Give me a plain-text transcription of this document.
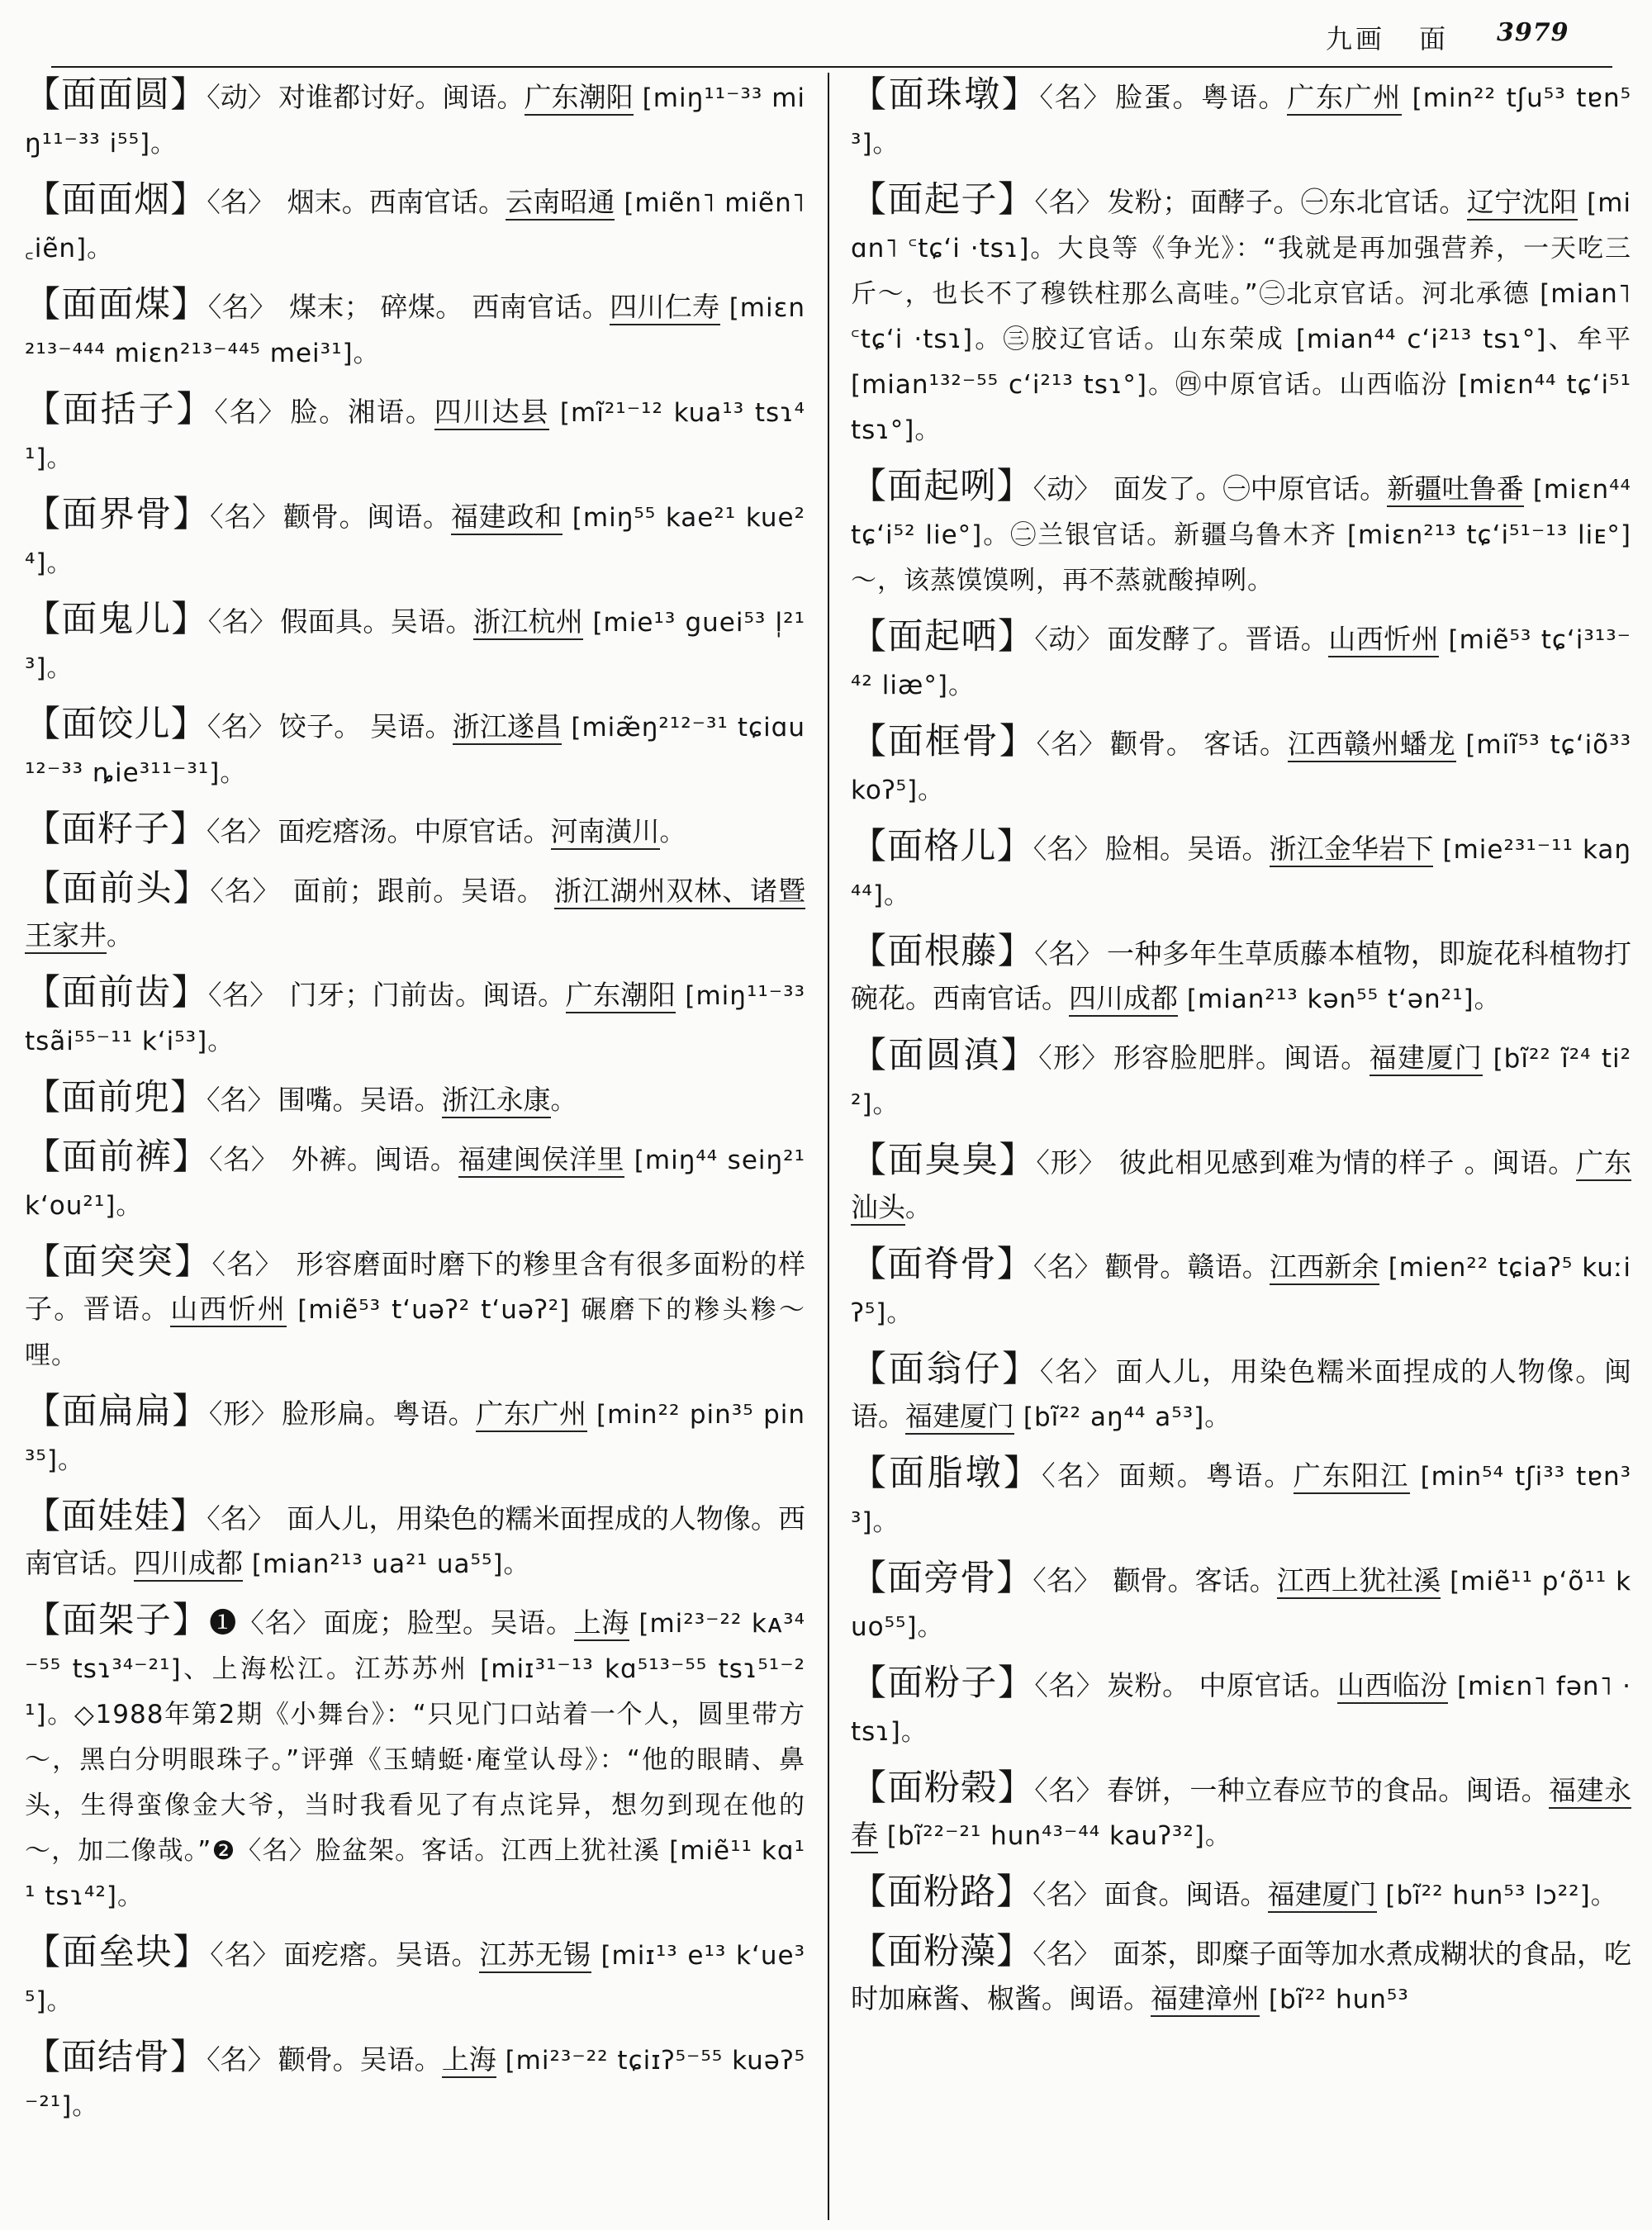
九画 面 3979

【面面圆】〈动〉 对谁都讨好。闽语。广东潮阳 [miŋ¹¹⁻³³ miŋ¹¹⁻³³ i⁵⁵]。

【面面烟】〈名〉 烟末。西南官话。云南昭通 [miẽn˥ miẽn˥ ꜀iẽn]。

【面面煤】〈名〉 煤末； 碎煤。 西南官话。四川仁寿 [miɛn²¹³⁻⁴⁴⁴ miɛn²¹³⁻⁴⁴⁵ mei³¹]。

【面括子】〈名〉 脸。湘语。四川达县 [mĩ²¹⁻¹² kua¹³ tsɿ⁴¹]。

【面界骨】〈名〉 颧骨。闽语。福建政和 [miŋ⁵⁵ kae²¹ kue²⁴]。

【面鬼儿】〈名〉 假面具。吴语。浙江杭州 [mie¹³ guei⁵³ l̩²¹³]。

【面饺儿】〈名〉 饺子。 吴语。浙江遂昌 [miæ̃ŋ²¹²⁻³¹ tɕiɑu¹²⁻³³ ȵie³¹¹⁻³¹]。

【面籽子】〈名〉 面疙瘩汤。中原官话。河南潢川。

【面前头】〈名〉 面前；跟前。吴语。 浙江湖州双林、诸暨王家井。

【面前齿】〈名〉 门牙；门前齿。闽语。广东潮阳 [miŋ¹¹⁻³³ tsãi⁵⁵⁻¹¹ k‘i⁵³]。

【面前兜】〈名〉 围嘴。吴语。浙江永康。

【面前裤】〈名〉 外裤。闽语。福建闽侯洋里 [miŋ⁴⁴ seiŋ²¹ k‘ou²¹]。

【面突突】〈名〉 形容磨面时磨下的糁里含有很多面粉的样子。晋语。山西忻州 [miẽ⁵³ t‘uəʔ² t‘uəʔ²] 碾磨下的糁头糁～哩。

【面扁扁】〈形〉 脸形扁。粤语。广东广州 [min²² pin³⁵ pin³⁵]。

【面娃娃】〈名〉 面人儿，用染色的糯米面捏成的人物像。西南官话。四川成都 [mian²¹³ ua²¹ ua⁵⁵]。

【面架子】❶〈名〉 面庞；脸型。吴语。上海 [mi²³⁻²² kᴀ³⁴⁻⁵⁵ tsɿ³⁴⁻²¹]、上海松江。江苏苏州 [miɪ³¹⁻¹³ kɑ⁵¹³⁻⁵⁵ tsɿ⁵¹⁻²¹]。◇1988年第2期《小舞台》：“只见门口站着一个人，圆里带方～，黑白分明眼珠子。”评弹《玉蜻蜓·庵堂认母》：“他的眼睛、鼻头，生得蛮像金大爷，当时我看见了有点诧异，想勿到现在他的～，加二像哉。”❷〈名〉脸盆架。客话。江西上犹社溪 [miẽ¹¹ kɑ¹¹ tsɿ⁴²]。

【面垒块】〈名〉 面疙瘩。吴语。江苏无锡 [miɪ¹³ e¹³ k‘ue³⁵]。

【面结骨】〈名〉 颧骨。吴语。上海 [mi²³⁻²² tɕiɪʔ⁵⁻⁵⁵ kuəʔ⁵⁻²¹]。

【面珠墩】〈名〉 脸蛋。粤语。广东广州 [min²² tʃu⁵³ tɐn⁵³]。

【面起子】〈名〉 发粉；面酵子。㊀东北官话。辽宁沈阳 [miɑn˥ ꜂tɕ‘i ·tsɿ]。大良等《争光》：“我就是再加强营养，一天吃三斤～，也长不了穆铁柱那么高哇。”㊁北京官话。河北承德 [mian˥ ꜂tɕ‘i ·tsɿ]。㊂胶辽官话。山东荣成 [mian⁴⁴ c‘i²¹³ tsɿ°]、牟平 [mian¹³²⁻⁵⁵ c‘i²¹³ tsɿ°]。㊃中原官话。山西临汾 [miɛn⁴⁴ tɕ‘i⁵¹ tsɿ°]。

【面起咧】〈动〉 面发了。㊀中原官话。新疆吐鲁番 [miɛn⁴⁴ tɕ‘i⁵² lie°]。㊁兰银官话。新疆乌鲁木齐 [miɛn²¹³ tɕ‘i⁵¹⁻¹³ liᴇ°]～，该蒸馍馍咧，再不蒸就酸掉咧。

【面起哂】〈动〉 面发酵了。晋语。山西忻州 [miẽ⁵³ tɕ‘i³¹³⁻⁴² liæ°]。

【面框骨】〈名〉 颧骨。 客话。江西赣州蟠龙 [miĩ⁵³ tɕ‘iõ³³ koʔ⁵]。

【面格儿】〈名〉 脸相。吴语。浙江金华岩下 [mie²³¹⁻¹¹ kaŋ⁴⁴]。

【面根藤】〈名〉 一种多年生草质藤本植物，即旋花科植物打碗花。西南官话。四川成都 [mian²¹³ kən⁵⁵ t‘ən²¹]。

【面圆滇】〈形〉 形容脸肥胖。闽语。福建厦门 [bĩ²² ĩ²⁴ ti²²]。

【面臭臭】〈形〉 彼此相见感到难为情的样子 。闽语。广东汕头。

【面脊骨】〈名〉 颧骨。赣语。江西新余 [mien²² tɕiaʔ⁵ kuːiʔ⁵]。

【面翁仔】〈名〉 面人儿，用染色糯米面捏成的人物像。闽语。福建厦门 [bĩ²² aŋ⁴⁴ a⁵³]。

【面脂墩】〈名〉 面颊。粤语。广东阳江 [min⁵⁴ tʃi³³ tɐn³³]。

【面旁骨】〈名〉 颧骨。客话。江西上犹社溪 [miẽ¹¹ p‘õ¹¹ kuo⁵⁵]。

【面粉子】〈名〉 炭粉。 中原官话。山西临汾 [miɛn˥ fən˥ ·tsɿ]。

【面粉榖】〈名〉 春饼，一种立春应节的食品。闽语。福建永春 [bĩ²²⁻²¹ hun⁴³⁻⁴⁴ kauʔ³²]。

【面粉路】〈名〉 面食。闽语。福建厦门 [bĩ²² hun⁵³ lɔ²²]。

【面粉藻】〈名〉 面茶，即糜子面等加水煮成糊状的食品，吃时加麻酱、椒酱。闽语。福建漳州 [bĩ²² hun⁵³
